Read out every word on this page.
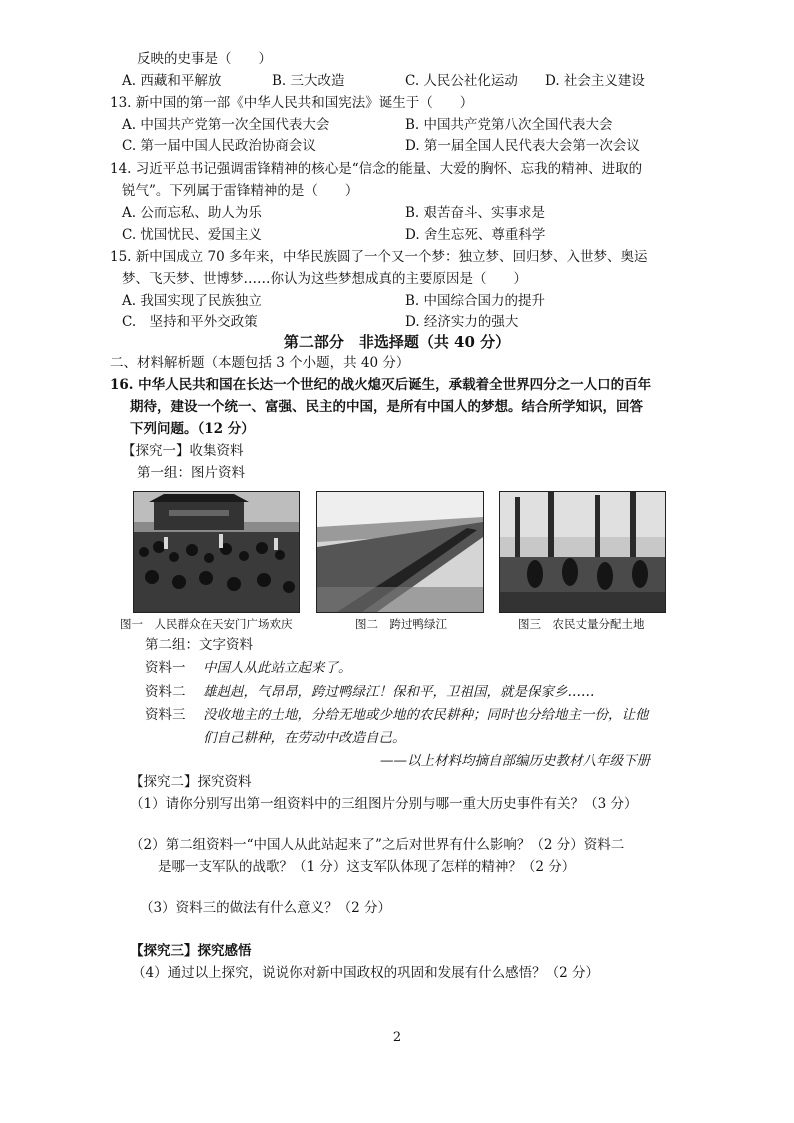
反映的史事是（　　）
A. 西藏和平解放	B. 三大改造	C. 人民公社化运动 D. 社会主义建设
13. 新中国的第一部《中华人民共和国宪法》诞生于（　　）
A. 中国共产党第一次全国代表大会	B. 中国共产党第八次全国代表大会
C. 第一届中国人民政治协商会议	D. 第一届全国人民代表大会第一次会议
14. 习近平总书记强调雷锋精神的核心是“信念的能量、大爱的胸怀、忘我的精神、进取的
锐气”。下列属于雷锋精神的是（　　）
A. 公而忘私、助人为乐	B. 艰苦奋斗、实事求是
C. 忧国忧民、爱国主义	D. 舍生忘死、尊重科学
15. 新中国成立 70 多年来，中华民族圆了一个又一个梦：独立梦、回归梦、入世梦、奥运
梦、飞天梦、世博梦……你认为这些梦想成真的主要原因是（　　）
A. 我国实现了民族独立	B. 中国综合国力的提升
C.　坚持和平外交政策	D. 经济实力的强大
第二部分　非选择题（共 40 分）
二、材料解析题（本题包括 3 个小题，共 40 分）
16. 中华人民共和国在长达一个世纪的战火熄灭后诞生，承载着全世界四分之一人口的百年
期待，建设一个统一、富强、民主的中国，是所有中国人的梦想。结合所学知识，回答
下列问题。（12 分）
【探究一】收集资料
第一组：图片资料
图一　人民群众在天安门广场欢庆	图二　跨过鸭绿江	图三　农民丈量分配土地
第二组：文字资料
资料一 中国人从此站立起来了。
资料二 雄赳赳，气昂昂，跨过鸭绿江！保和平，卫祖国，就是保家乡……
资料三 没收地主的土地，分给无地或少地的农民耕种；同时也分给地主一份，让他
们自己耕种，在劳动中改造自己。
——以上材料均摘自部编历史教材八年级下册
【探究二】探究资料
（1）请你分别写出第一组资料中的三组图片分别与哪一重大历史事件有关？（3 分）
（2）第二组资料一“中国人从此站起来了”之后对世界有什么影响？（2 分）资料二
是哪一支军队的战歌？（1 分）这支军队体现了怎样的精神？（2 分）
（3）资料三的做法有什么意义？（2 分）
【探究三】探究感悟
（4）通过以上探究，说说你对新中国政权的巩固和发展有什么感悟？（2 分）
2
